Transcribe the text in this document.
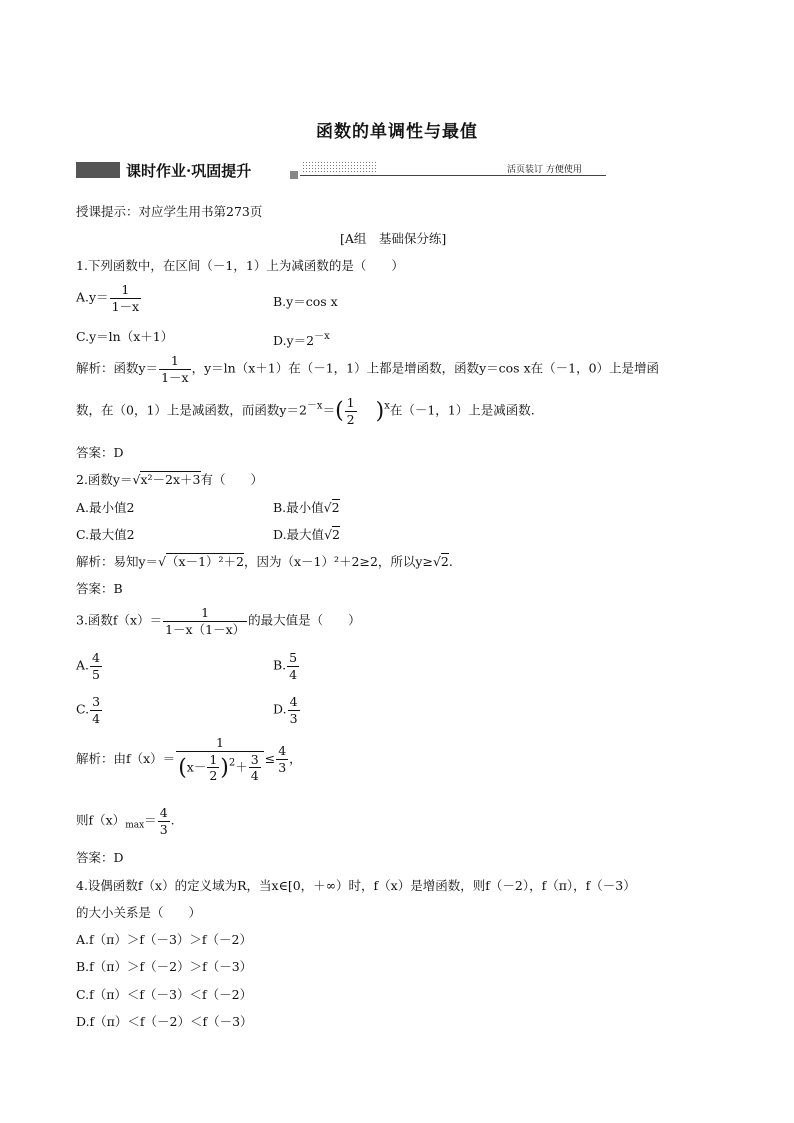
函数的单调性与最值
课时作业·巩固提升	活页装订 方便使用
授课提示：对应学生用书第273页
[A组　基础保分练]
1.下列函数中，在区间（－1，1）上为减函数的是（　　）
$A.y= \frac{1}{1-x}$	B.y＝cos x
C.y＝ln（x＋1）	$D.y=2^{-x}$
解析：函数$y= \frac{1}{1-x}$ ，y＝ln（x＋1）在（－1，1）上都是增函数，函数y＝cos x在（－1，0）上是增函
数，在（0，1）上是减函数，而函数$y=2^{-x}=( \frac{1}{2} )^x$在（－1，1）上是减函数.
答案：D
2.函数y＝√x²－2x＋3有（　　）
A.最小值2	B.最小值√2
C.最大值2	D.最大值√2
解析：易知y＝√（x－1）²＋2，因为（x－1）²＋2≥2，所以y≥√2.
答案：B
3.函数$f(x)= \frac{1}{1-x(1-x)}$ 的最大值是（　　）
A. $\frac{4}{5}$	B. $\frac{5}{4}$
C. $\frac{3}{4}$	D. $\frac{4}{3}$
解析：由$f(x)= \frac{1}{(x- \frac{1}{2} )^2+ \frac{3}{4}} \le \frac{4}{3}$ ，
则$f(x)_{max}= \frac{4}{3}$ .
答案：D
4.设偶函数f（x）的定义域为R，当x∈[0，＋∞）时，f（x）是增函数，则f（－2），f（π），f（－3）
的大小关系是（　　）
A.f（π）＞f（－3）＞f（－2）
B.f（π）＞f（－2）＞f（－3）
C.f（π）＜f（－3）＜f（－2）
D.f（π）＜f（－2）＜f（－3）
